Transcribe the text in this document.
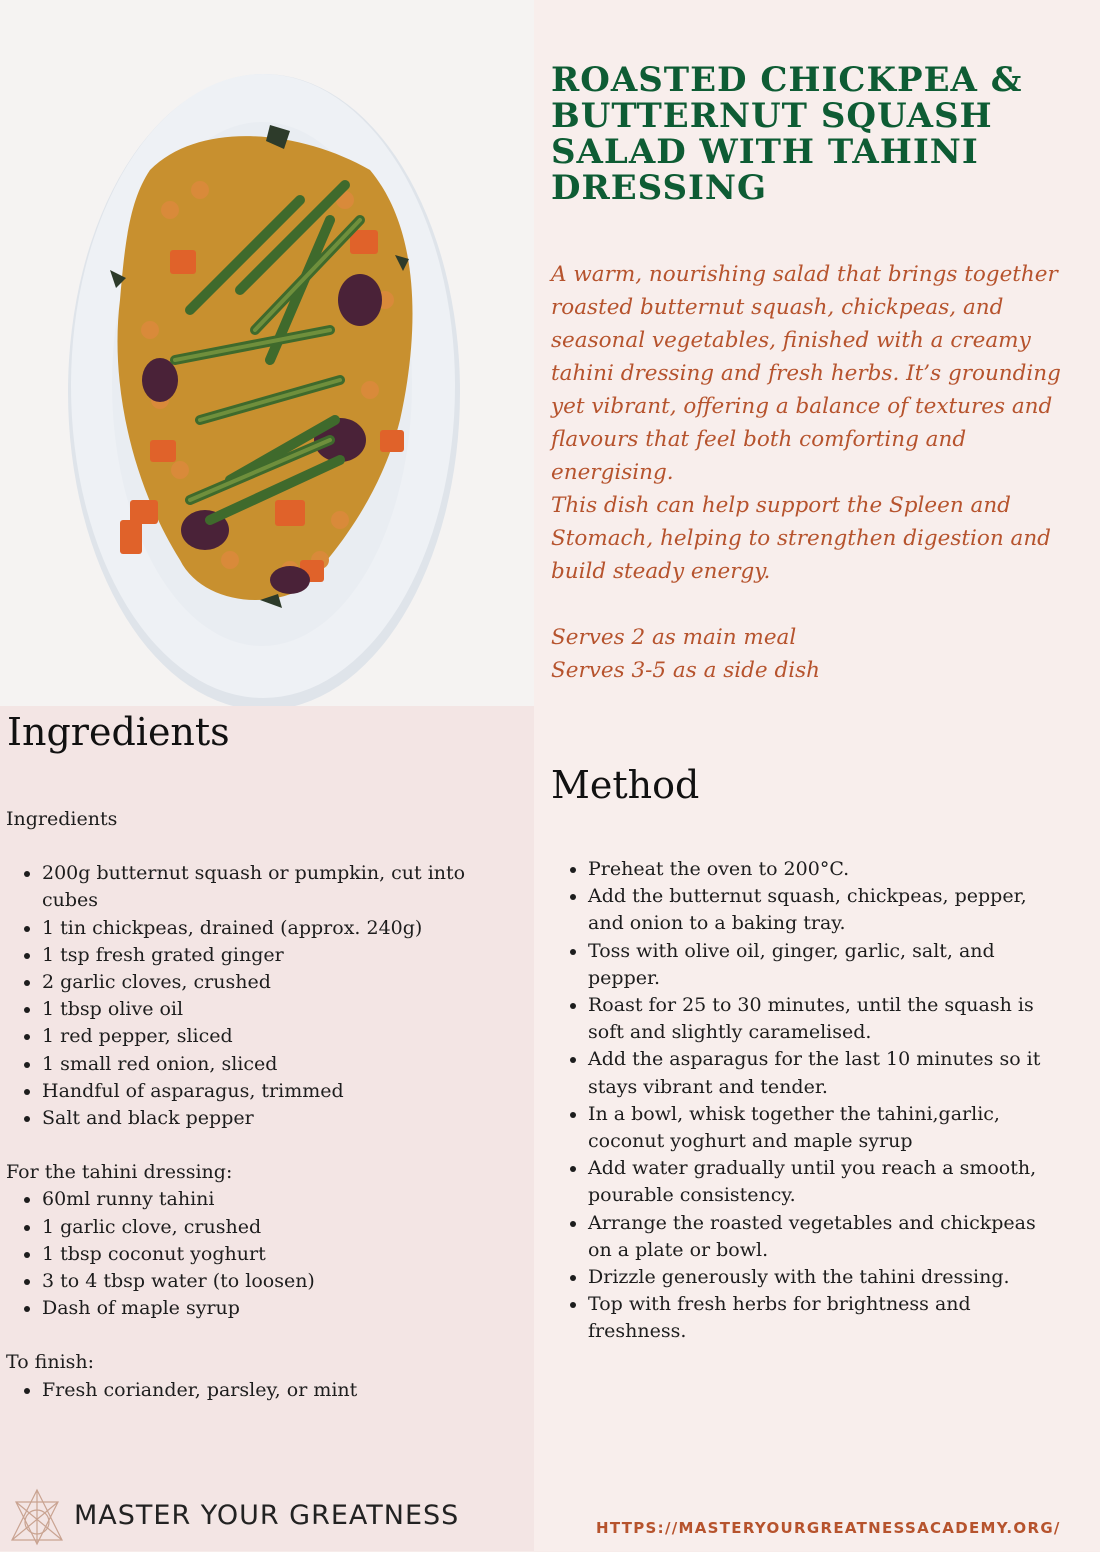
ROASTED CHICKPEA & BUTTERNUT SQUASH SALAD WITH TAHINI DRESSING

A warm, nourishing salad that brings together roasted butternut squash, chickpeas, and seasonal vegetables, finished with a creamy tahini dressing and fresh herbs. It’s grounding yet vibrant, offering a balance of textures and flavours that feel both comforting and energising.

This dish can help support the Spleen and Stomach, helping to strengthen digestion and build steady energy.

Serves 2 as main meal
Serves 3-5 as a side dish
Ingredients
Ingredients
• 200g butternut squash or pumpkin, cut into cubes
• 1 tin chickpeas, drained (approx. 240g)
• 1 tsp fresh grated ginger
• 2 garlic cloves, crushed
• 1 tbsp olive oil
• 1 red pepper, sliced
• 1 small red onion, sliced
• Handful of asparagus, trimmed
• Salt and black pepper
For the tahini dressing:
• 60ml runny tahini
• 1 garlic clove, crushed
• 1 tbsp coconut yoghurt
• 3 to 4 tbsp water (to loosen)
• Dash of maple syrup
To finish:
• Fresh coriander, parsley, or mint
Method
• Preheat the oven to 200°C.
• Add the butternut squash, chickpeas, pepper, and onion to a baking tray.
• Toss with olive oil, ginger, garlic, salt, and pepper.
• Roast for 25 to 30 minutes, until the squash is soft and slightly caramelised.
• Add the asparagus for the last 10 minutes so it stays vibrant and tender.
• In a bowl, whisk together the tahini,garlic, coconut yoghurt and maple syrup
• Add water gradually until you reach a smooth, pourable consistency.
• Arrange the roasted vegetables and chickpeas on a plate or bowl.
• Drizzle generously with the tahini dressing.
• Top with fresh herbs for brightness and freshness.
MASTER YOUR GREATNESS	HTTPS://MASTERYOURGREATNESSACADEMY.ORG/
